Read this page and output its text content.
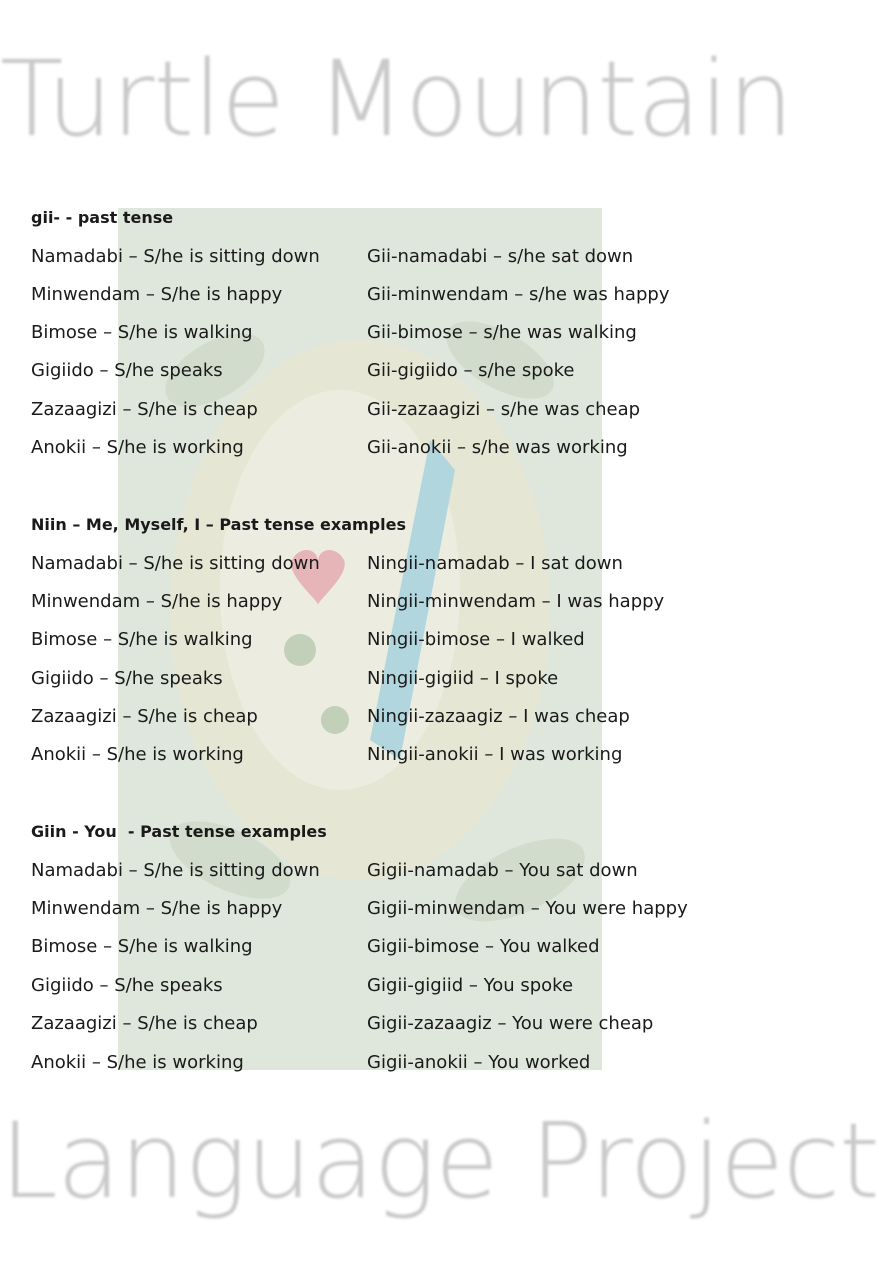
Turtle Mountain
Language Project
gii- - past tense
Namadabi – S/he is sitting down	Gii-namadabi – s/he sat down
Minwendam – S/he is happy	Gii-minwendam – s/he was happy
Bimose – S/he is walking	Gii-bimose – s/he was walking
Gigiido – S/he speaks	Gii-gigiido – s/he spoke
Zazaagizi – S/he is cheap	Gii-zazaagizi – s/he was cheap
Anokii – S/he is working	Gii-anokii – s/he was working
Niin – Me, Myself, I – Past tense examples
Namadabi – S/he is sitting down	Ningii-namadab – I sat down
Minwendam – S/he is happy	Ningii-minwendam – I was happy
Bimose – S/he is walking	Ningii-bimose – I walked
Gigiido – S/he speaks	Ningii-gigiid – I spoke
Zazaagizi – S/he is cheap	Ningii-zazaagiz – I was cheap
Anokii – S/he is working	Ningii-anokii – I was working
Giin - You  - Past tense examples
Namadabi – S/he is sitting down	Gigii-namadab – You sat down
Minwendam – S/he is happy	Gigii-minwendam – You were happy
Bimose – S/he is walking	Gigii-bimose – You walked
Gigiido – S/he speaks	Gigii-gigiid – You spoke
Zazaagizi – S/he is cheap	Gigii-zazaagiz – You were cheap
Anokii – S/he is working	Gigii-anokii – You worked
